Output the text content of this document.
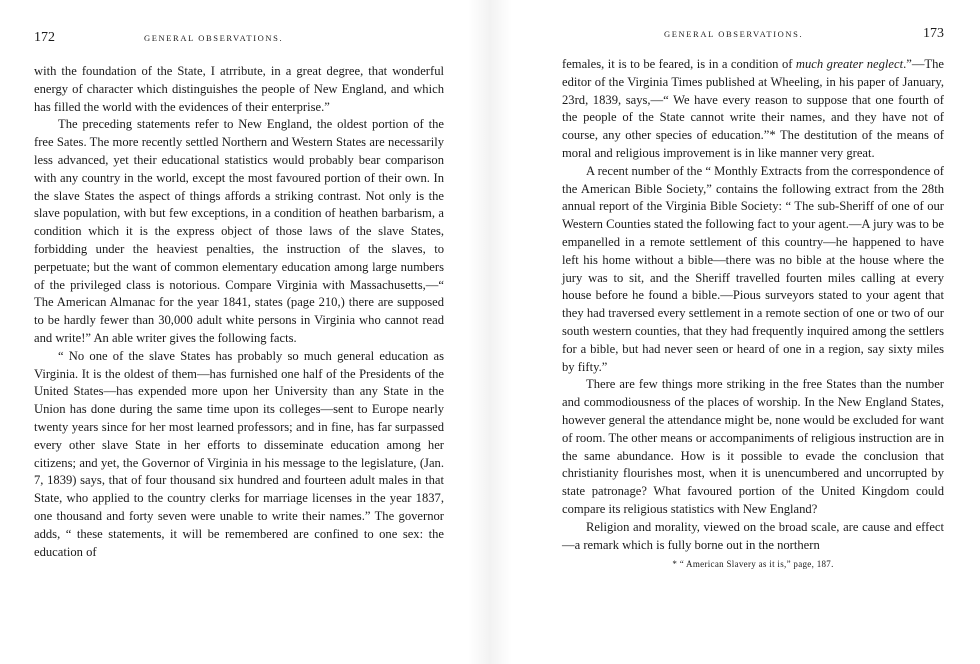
172	GENERAL OBSERVATIONS.

with the foundation of the State, I atrribute, in a great degree, that wonderful energy of character which distinguishes the people of New England, and which has filled the world with the evidences of their enterprise.”

The preceding statements refer to New England, the oldest portion of the free Sates. The more recently settled Northern and Western States are necessarily less advanced, yet their educational statistics would probably bear comparison with any country in the world, except the most favoured portion of their own. In the slave States the aspect of things affords a striking contrast. Not only is the slave population, with but few exceptions, in a condition of heathen barbarism, a condition which it is the express object of those laws of the slave States, forbidding under the heaviest penalties, the instruction of the slaves, to perpetuate; but the want of common elementary education among large numbers of the privileged class is notorious. Compare Virginia with Massachusetts,—“ The American Almanac for the year 1841, states (page 210,) there are supposed to be hardly fewer than 30,000 adult white persons in Virginia who cannot read and write!” An able writer gives the following facts.

“ No one of the slave States has probably so much general education as Virginia. It is the oldest of them—has furnished one half of the Presidents of the United States—has expended more upon her University than any State in the Union has done during the same time upon its colleges—sent to Europe nearly twenty years since for her most learned professors; and in fine, has far surpassed every other slave State in her efforts to disseminate education among her citizens; and yet, the Governor of Virginia in his message to the legislature, (Jan. 7, 1839) says, that of four thousand six hundred and fourteen adult males in that State, who applied to the country clerks for marriage licenses in the year 1837, one thousand and forty seven were unable to write their names.” The governor adds, “ these statements, it will be remembered are confined to one sex: the education of

GENERAL OBSERVATIONS.	173

females, it is to be feared, is in a condition of much greater neglect.”—The editor of the Virginia Times published at Wheeling, in his paper of January, 23rd, 1839, says,—“ We have every reason to suppose that one fourth of the people of the State cannot write their names, and they have not of course, any other species of education.”* The destitution of the means of moral and religious improvement is in like manner very great.

A recent number of the “ Monthly Extracts from the correspondence of the American Bible Society,” contains the following extract from the 28th annual report of the Virginia Bible Society: “ The sub-Sheriff of one of our Western Counties stated the following fact to your agent.—A jury was to be empanelled in a remote settlement of this country—he happened to have left his home without a bible—there was no bible at the house where the jury was to sit, and the Sheriff travelled fourten miles calling at every house before he found a bible.—Pious surveyors stated to your agent that they had traversed every settlement in a remote section of one or two of our south western counties, that they had frequently inquired among the settlers for a bible, but had never seen or heard of one in a region, say sixty miles by fifty.”

There are few things more striking in the free States than the number and commodiousness of the places of worship. In the New England States, however general the attendance might be, none would be excluded for want of room. The other means or accompaniments of religious instruction are in the same abundance. How is it possible to evade the conclusion that christianity flourishes most, when it is unencumbered and uncorrupted by state patronage? What favoured portion of the United Kingdom could compare its religious statistics with New England?

Religion and morality, viewed on the broad scale, are cause and effect—a remark which is fully borne out in the northern

* “ American Slavery as it is,” page, 187.
